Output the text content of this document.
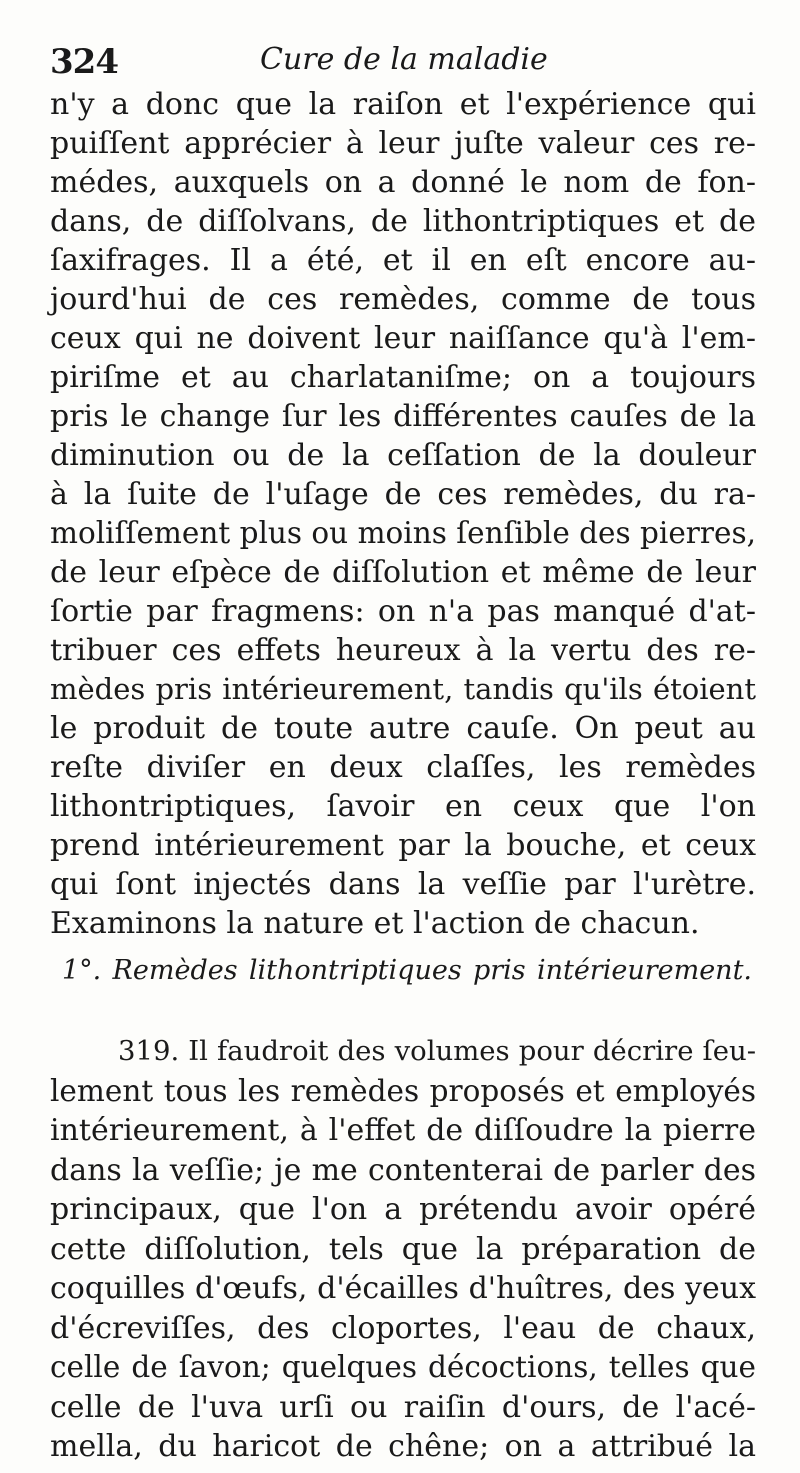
324	Cure de la maladie
n'y a donc que la raiſon et l'expérience qui
puiſſent apprécier à leur juſte valeur ces re-
médes, auxquels on a donné le nom de fon-
dans, de diſſolvans, de lithontriptiques et de
ſaxifrages. Il a été, et il en eſt encore au-
jourd'hui de ces remèdes, comme de tous
ceux qui ne doivent leur naiſſance qu'à l'em-
piriſme et au charlataniſme; on a toujours
pris le change ſur les différentes cauſes de la
diminution ou de la ceſſation de la douleur
à la ſuite de l'uſage de ces remèdes, du ra-
moliſſement plus ou moins ſenſible des pierres,
de leur eſpèce de diſſolution et même de leur
ſortie par fragmens: on n'a pas manqué d'at-
tribuer ces effets heureux à la vertu des re-
mèdes pris intérieurement, tandis qu'ils étoient
le produit de toute autre cauſe. On peut au
reſte diviſer en deux claſſes, les remèdes
lithontriptiques, ſavoir en ceux que l'on
prend intérieurement par la bouche, et ceux
qui ſont injectés dans la veſſie par l'urètre.
Examinons la nature et l'action de chacun.
1°. Remèdes lithontriptiques pris intérieurement.
319. Il faudroit des volumes pour décrire ſeu-
lement tous les remèdes proposés et employés
intérieurement, à l'effet de diſſoudre la pierre
dans la veſſie; je me contenterai de parler des
principaux, que l'on a prétendu avoir opéré
cette diſſolution, tels que la préparation de
coquilles d'œufs, d'écailles d'huîtres, des yeux
d'écreviſſes, des cloportes, l'eau de chaux,
celle de ſavon; quelques décoctions, telles que
celle de l'uva urſi ou raiſin d'ours, de l'acé-
mella, du haricot de chêne; on a attribué la
